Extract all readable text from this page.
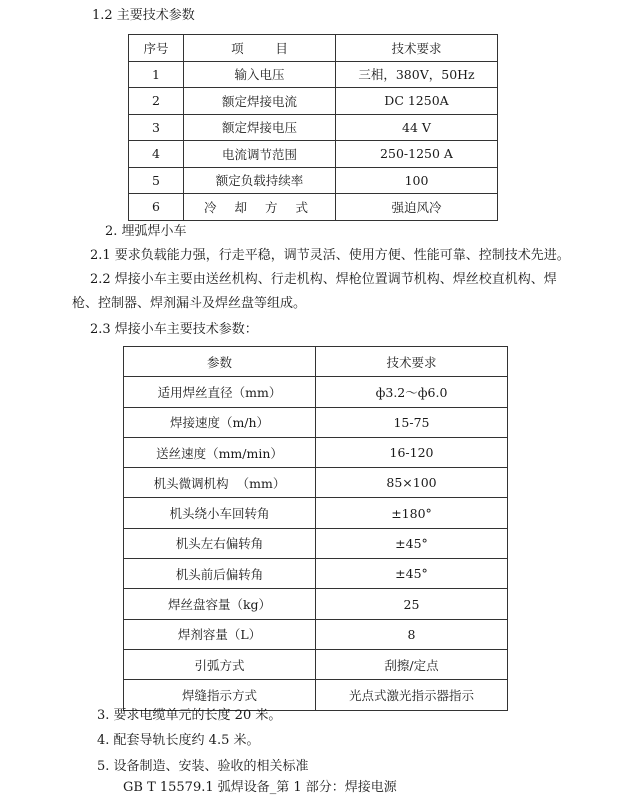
1.2 主要技术参数
序号	项        目	技术要求
1	输入电压	三相，380V，50Hz
2	额定焊接电流	DC 1250A
3	额定焊接电压	44 V
4	电流调节范围	250-1250 A
5	额定负载持续率	100
6	冷 却 方 式	强迫风冷
2. 埋弧焊小车
2.1 要求负载能力强，行走平稳，调节灵活、使用方便、性能可靠、控制技术先进。
2.2 焊接小车主要由送丝机构、行走机构、焊枪位置调节机构、焊丝校直机构、焊
枪、控制器、焊剂漏斗及焊丝盘等组成。
2.3 焊接小车主要技术参数：
参数	技术要求
适用焊丝直径（mm）	ф3.2～ф6.0
焊接速度（m/h）	15-75
送丝速度（mm/min）	16-120
机头微调机构  （mm）	85×100
机头绕小车回转角	±180°
机头左右偏转角	±45°
机头前后偏转角	±45°
焊丝盘容量（kg）	25
焊剂容量（L）	8
引弧方式	刮擦/定点
焊缝指示方式	光点式激光指示器指示
3. 要求电缆单元的长度 20 米。
4. 配套导轨长度约 4.5 米。
5. 设备制造、安装、验收的相关标准
GB T 15579.1 弧焊设备_第 1 部分：焊接电源
